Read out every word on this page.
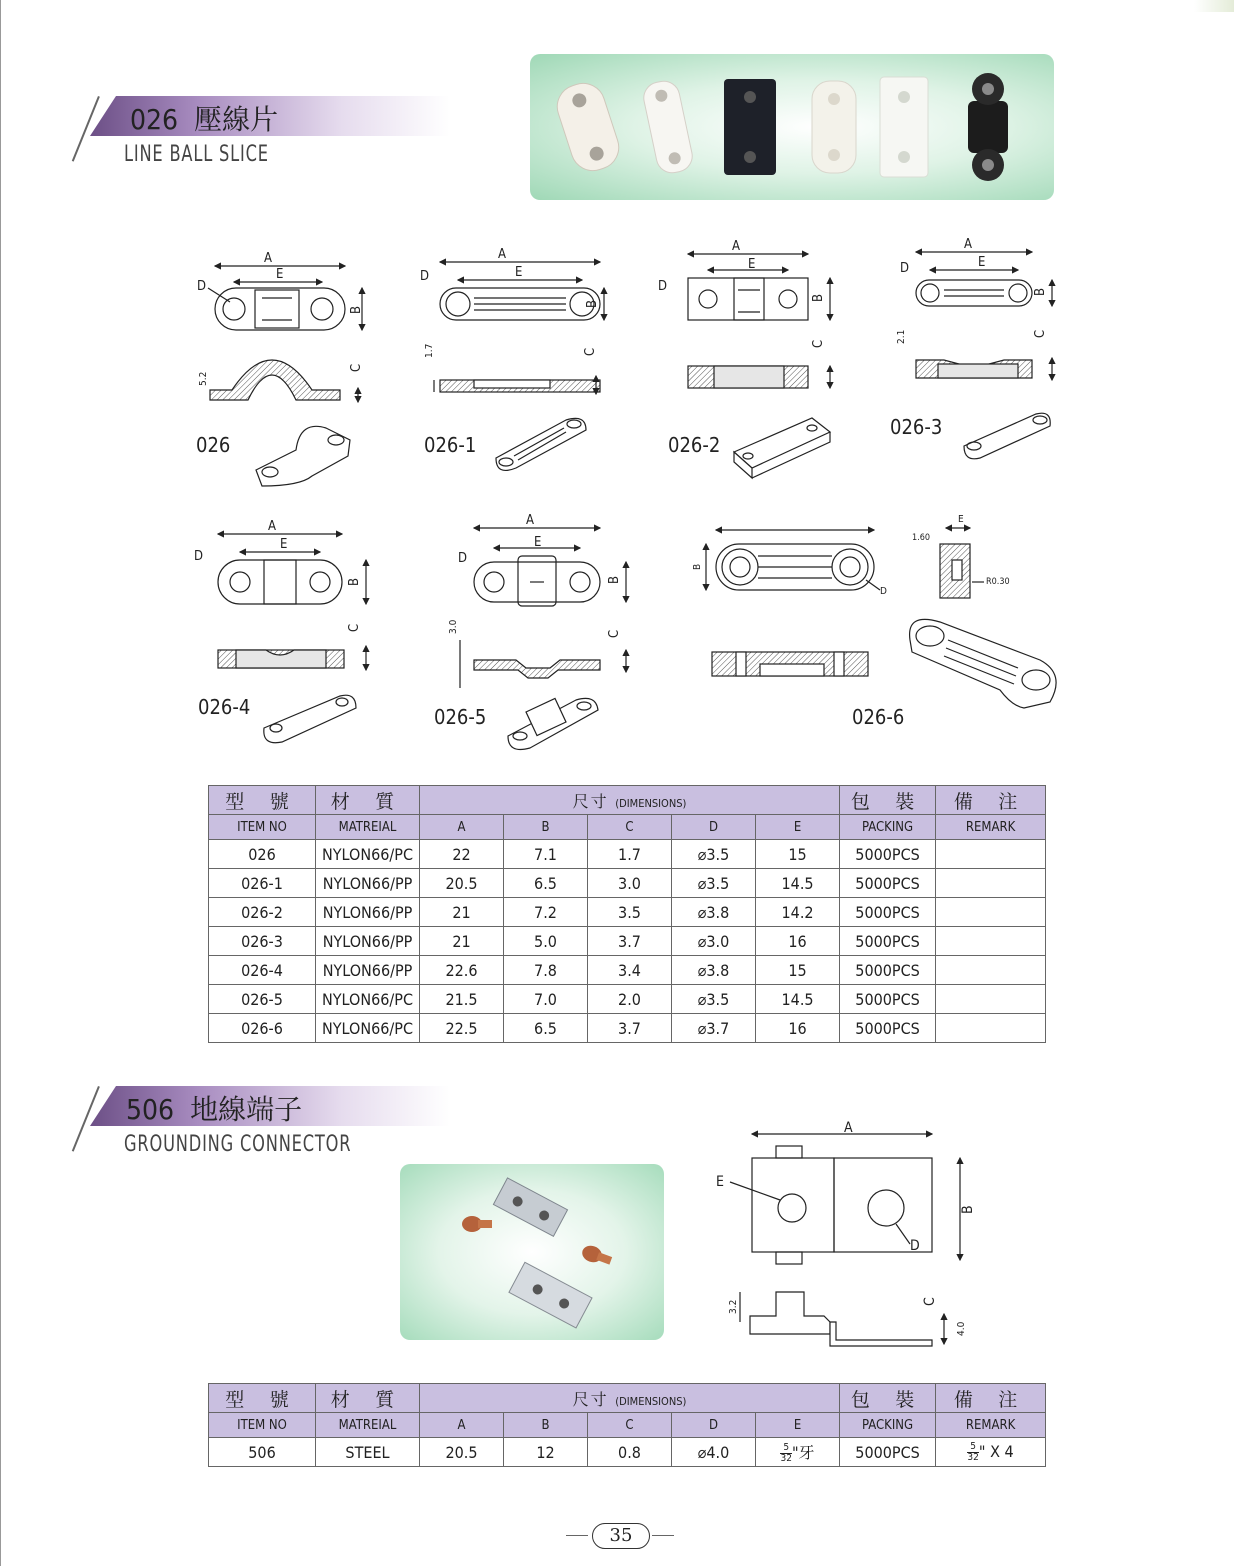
026 壓線片
LINE BALL SLICE
A
E
D
B
C
5.2
A
E
D
B
C
1.7
A
E
D
B
C
A
E
D
B
C
2.1
A
E
D
B
C
A
E
D
B
C
3.0
B
D
E
1.60
R0.30
026	026-1	026-2
026-3
026-4	026-5	026-6
型 號	材 質	尺寸 (DIMENSIONS)					包 裝	備 注
ITEM NO	MATREIAL	A	B	C	D	E	PACKING	REMARK
026	NYLON66/PC	22	7.1	1.7	⌀3.5	15	5000PCS	
026-1	NYLON66/PP	20.5	6.5	3.0	⌀3.5	14.5	5000PCS	
026-2	NYLON66/PP	21	7.2	3.5	⌀3.8	14.2	5000PCS	
026-3	NYLON66/PP	21	5.0	3.7	⌀3.0	16	5000PCS	
026-4	NYLON66/PP	22.6	7.8	3.4	⌀3.8	15	5000PCS	
026-5	NYLON66/PC	21.5	7.0	2.0	⌀3.5	14.5	5000PCS	
026-6	NYLON66/PC	22.5	6.5	3.7	⌀3.7	16	5000PCS	
506 地線端子
GROUNDING CONNECTOR
A
B
E
D
C
3.2
4.0
型 號	材 質	尺寸 (DIMENSIONS)					包 裝	備 注
ITEM NO	MATREIAL	A	B	C	D	E	PACKING	REMARK
506	STEEL	20.5	12	0.8	⌀4.0	$\frac{5}{32}$ "牙	5000PCS	$\frac{5}{32}$ " X 4
35
